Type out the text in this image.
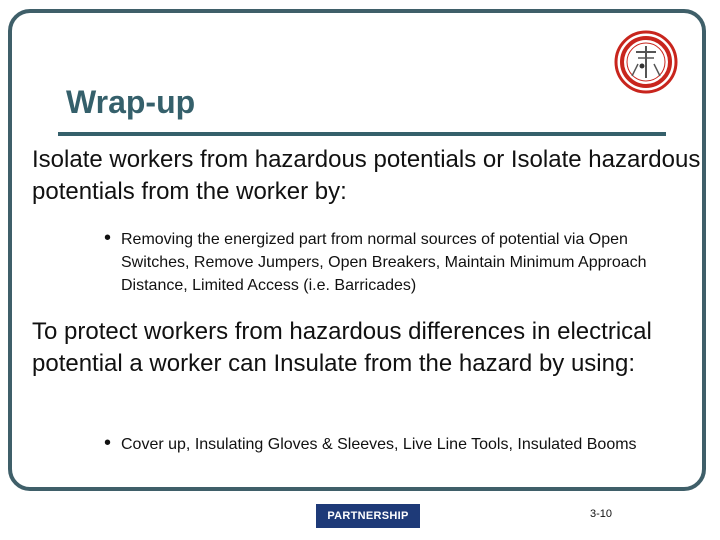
Wrap-up

Isolate workers from hazardous potentials or Isolate hazardous potentials from the worker by:

• Removing the energized part from normal sources of potential via Open Switches, Remove Jumpers, Open Breakers, Maintain Minimum Approach Distance, Limited Access (i.e. Barricades)

To protect workers from hazardous differences in electrical potential a worker can Insulate from the hazard by using:

• Cover up, Insulating Gloves & Sleeves, Live Line Tools, Insulated Booms
PARTNERSHIP	3-10
